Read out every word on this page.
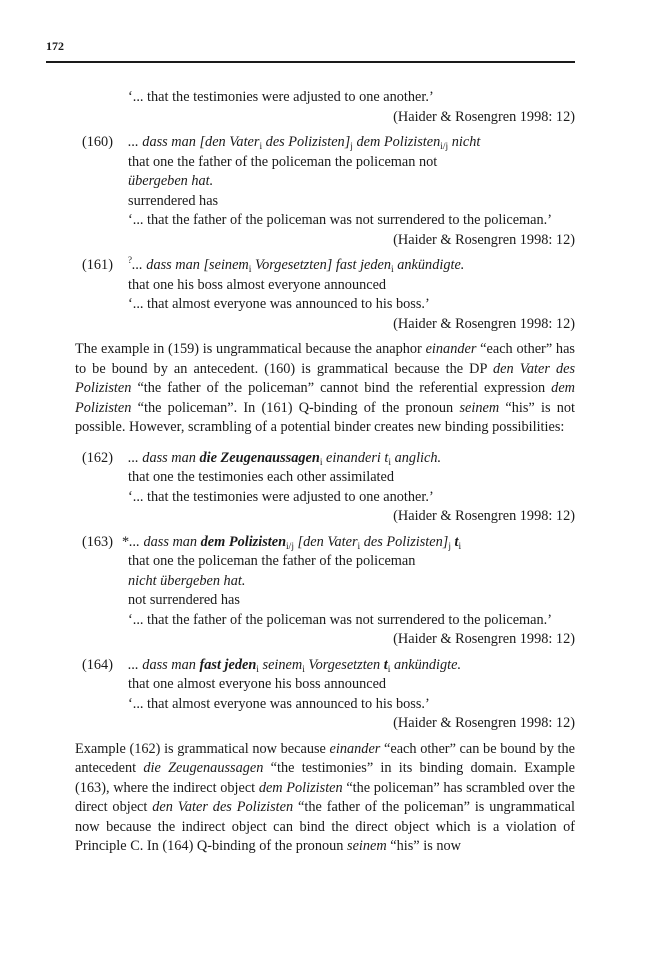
172
‘... that the testimonies were adjusted to one another.’
(Haider & Rosengren 1998: 12)
(160) ... dass man [den Vater$_i$ des $Polizisten]_j$ dem Polizisten$_{i/j}$ nicht
that one the father of the policeman the policeman not
übergeben hat.
surrendered has
‘... that the father of the policeman was not surrendered to the policeman.’
(Haider & Rosengren 1998: 12)
(161) ?... dass man [seinem$_i$ Vorgesetzten] fast jeden$_i$ ankündigte.
that one his boss almost everyone announced
‘... that almost everyone was announced to his boss.’
(Haider & Rosengren 1998: 12)

The example in (159) is ungrammatical because the anaphor einander “each other” has to be bound by an antecedent. (160) is grammatical because the DP den Vater des Polizisten “the father of the policeman” cannot bind the referential expression dem Polizisten “the policeman”. In (161) Q-binding of the pronoun seinem “his” is not possible. However, scrambling of a potential binder creates new binding possibilities:

(162) ... dass man die Zeugenaussagen$_i$ einanderi $t_i$ anglich.
that one the testimonies each other assimilated
‘... that the testimonies were adjusted to one another.’
(Haider & Rosengren 1998: 12)
(163) *... dass man dem Polizisten$_{i/j}$ [den Vater$_i$ des $Polizisten]_j$ $t_i$
that one the policeman the father of the policeman
nicht übergeben hat.
not surrendered has
‘... that the father of the policeman was not surrendered to the policeman.’
(Haider & Rosengren 1998: 12)
(164) ... dass man fast jeden$_i$ seinem$_i$ Vorgesetzten $t_i$ ankündigte.
that one almost everyone his boss announced
‘... that almost everyone was announced to his boss.’
(Haider & Rosengren 1998: 12)

Example (162) is grammatical now because einander “each other” can be bound by the antecedent die Zeugenaussagen “the testimonies” in its binding domain. Example (163), where the indirect object dem Polizisten “the policeman” has scrambled over the direct object den Vater des Polizisten “the father of the policeman” is ungrammatical now because the indirect object can bind the direct object which is a violation of Principle C. In (164) Q-binding of the pronoun seinem “his” is now
